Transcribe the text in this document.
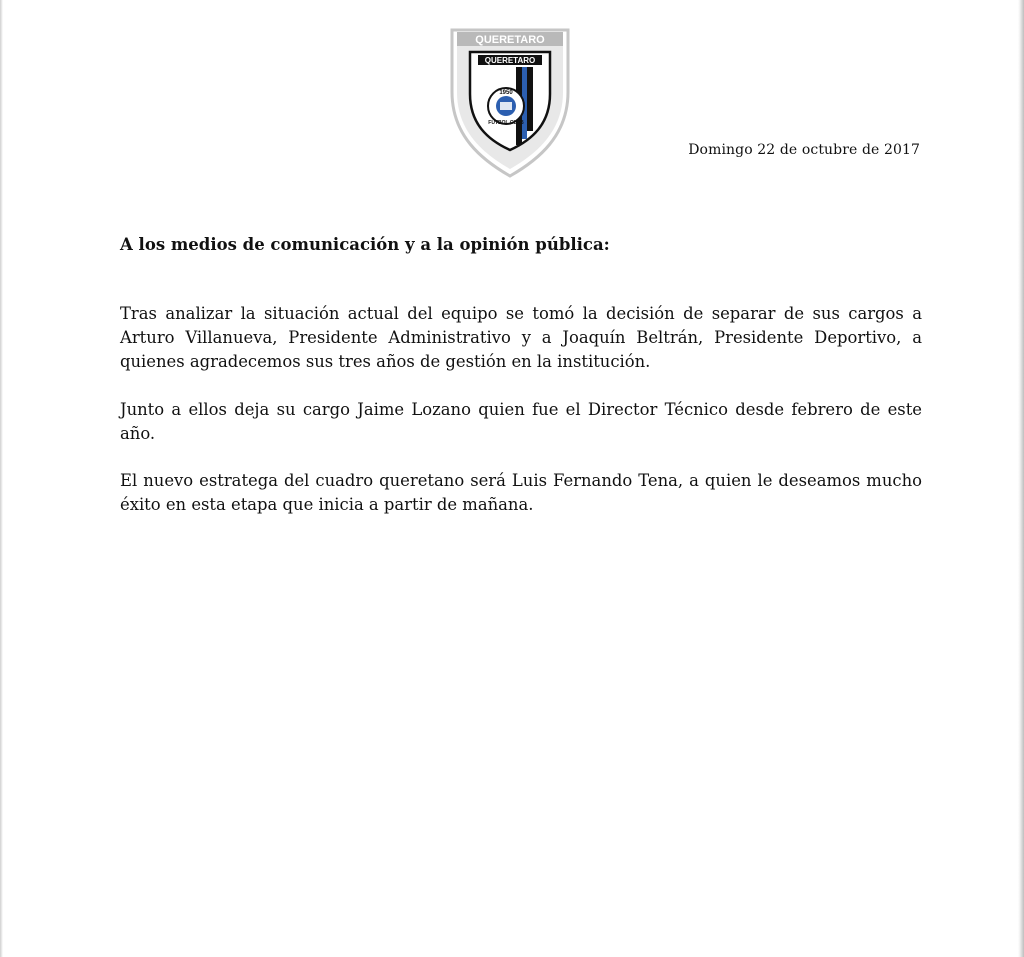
QUERETARO
QUERETARO
1950
FUTBOL CLUB
Domingo 22 de octubre de 2017
A los medios de comunicación y a la opinión pública:

Tras analizar la situación actual del equipo se tomó la decisión de separar de sus cargos a Arturo Villanueva, Presidente Administrativo y a Joaquín Beltrán, Presidente Deportivo, a quienes agradecemos sus tres años de gestión en la institución.

Junto a ellos deja su cargo Jaime Lozano quien fue el Director Técnico desde febrero de este año.

El nuevo estratega del cuadro queretano será Luis Fernando Tena, a quien le deseamos mucho éxito en esta etapa que inicia a partir de mañana.
